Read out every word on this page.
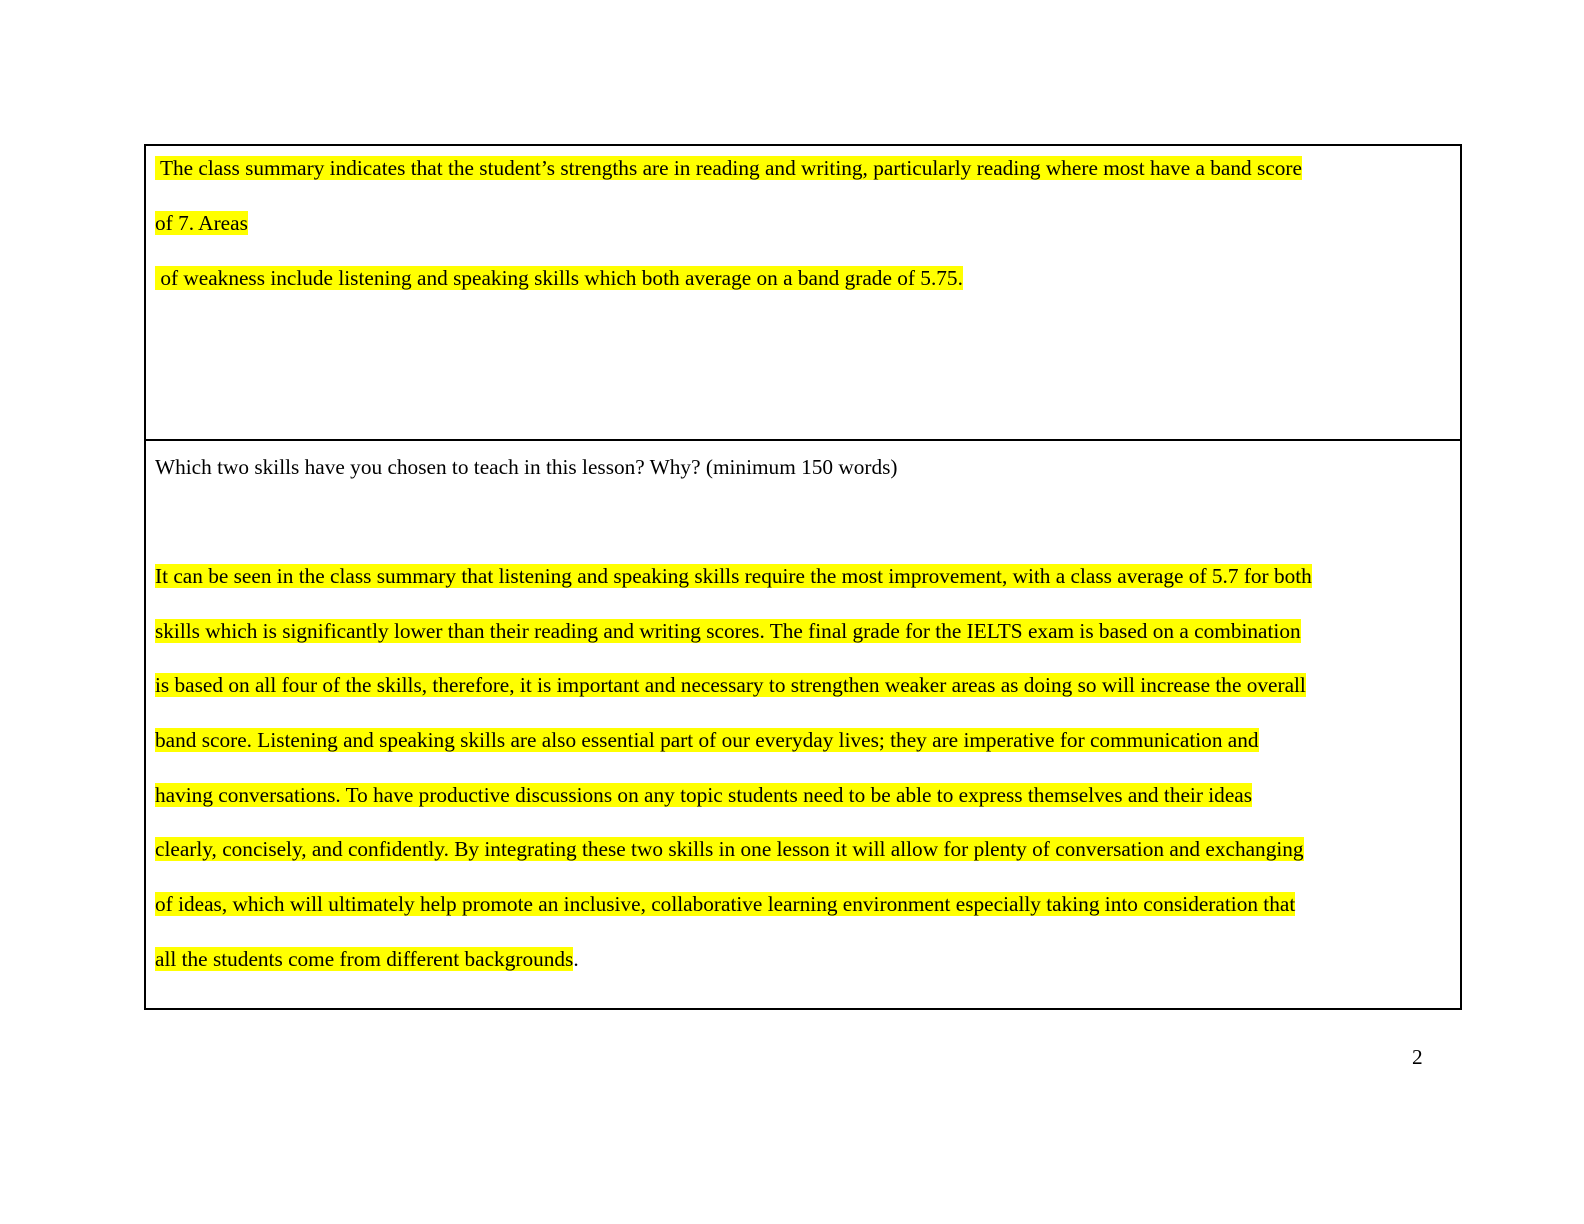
The class summary indicates that the student’s strengths are in reading and writing, particularly reading where most have a band score
of 7. Areas
of weakness include listening and speaking skills which both average on a band grade of 5.75.
Which two skills have you chosen to teach in this lesson? Why? (minimum 150 words)
It can be seen in the class summary that listening and speaking skills require the most improvement, with a class average of 5.7 for both
skills which is significantly lower than their reading and writing scores. The final grade for the IELTS exam is based on a combination
is based on all four of the skills, therefore, it is important and necessary to strengthen weaker areas as doing so will increase the overall
band score. Listening and speaking skills are also essential part of our everyday lives; they are imperative for communication and
having conversations. To have productive discussions on any topic students need to be able to express themselves and their ideas
clearly, concisely, and confidently. By integrating these two skills in one lesson it will allow for plenty of conversation and exchanging
of ideas, which will ultimately help promote an inclusive, collaborative learning environment especially taking into consideration that
all the students come from different backgrounds.
2
